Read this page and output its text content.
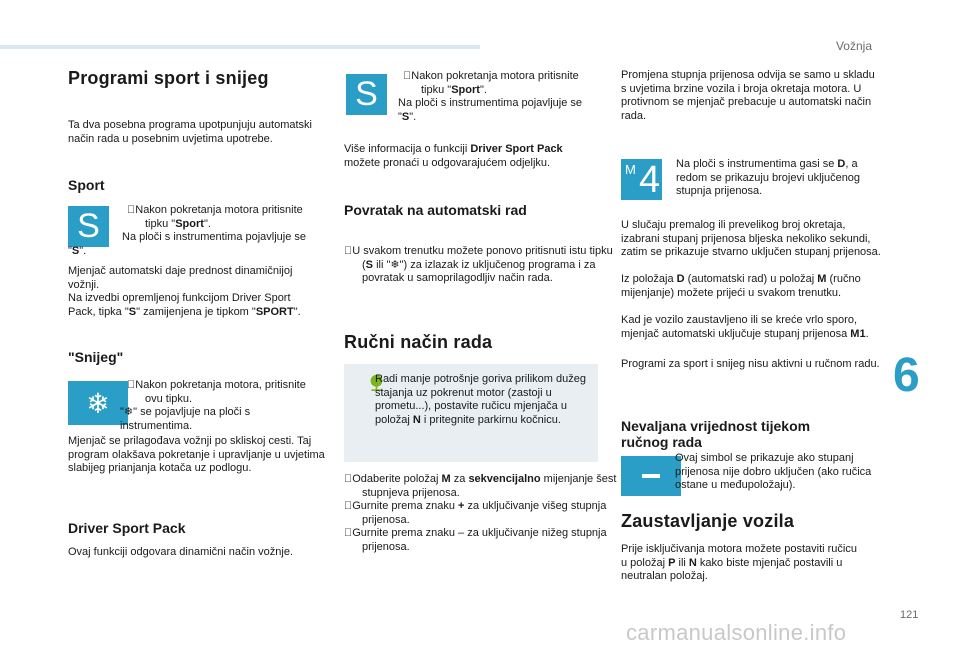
Vožnja
6
121
carmanualsonline.info
Programi sport i snijeg
Ta dva posebna programa upotpunjuju automatski način rada u posebnim uvjetima upotrebe.
Sport
S	Nakon pokretanja motora pritisnite tipku "Sport".
Na ploči s instrumentima pojavljuje se "S".
Mjenjač automatski daje prednost dinamičnijoj vožnji.
Na izvedbi opremljenoj funkcijom Driver Sport Pack, tipka "S" zamijenjena je tipkom "SPORT".
"Snijeg"
❄
Nakon pokretanja motora, pritisnite ovu tipku.
"❄" se pojavljuje na ploči s instrumentima.
Mjenjač se prilagođava vožnji po skliskoj cesti. Taj program olakšava pokretanje i upravljanje u uvjetima slabijeg prianjanja kotača uz podlogu.
Driver Sport Pack
Ovaj funkciji odgovara dinamični način vožnje.
S	Nakon pokretanja motora pritisnite tipku "Sport".
Na ploči s instrumentima pojavljuje se "S".
Više informacija o funkciji Driver Sport Pack možete pronaći u odgovarajućem odjeljku.
Povratak na automatski rad
U svakom trenutku možete ponovo pritisnuti istu tipku (S ili "❄") za izlazak iz uključenog programa i za povratak u samoprilagodljiv način rada.
Ručni način rada
Radi manje potrošnje goriva prilikom dužeg stajanja uz pokrenut motor (zastoji u prometu...), postavite ručicu mjenjača u položaj N i pritegnite parkirnu kočnicu.
Odaberite položaj M za sekvencijalno mijenjanje šest stupnjeva prijenosa.
Gurnite prema znaku + za uključivanje višeg stupnja prijenosa.
Gurnite prema znaku – za uključivanje nižeg stupnja prijenosa.
Promjena stupnja prijenosa odvija se samo u skladu s uvjetima brzine vozila i broja okretaja motora. U protivnom se mjenjač prebacuje u automatski način rada.
M 4 Na ploči s instrumentima gasi se D, a redom se prikazuju brojevi uključenog stupnja prijenosa.
U slučaju premalog ili prevelikog broj okretaja, izabrani stupanj prijenosa bljeska nekoliko sekundi, zatim se prikazuje stvarno uključen stupanj prijenosa.
Iz položaja D (automatski rad) u položaj M (ručno mijenjanje) možete prijeći u svakom trenutku.
Kad je vozilo zaustavljeno ili se kreće vrlo sporo, mjenjač automatski uključuje stupanj prijenosa M1.
Programi za sport i snijeg nisu aktivni u ručnom radu.
Nevaljana vrijednost tijekom ručnog rada
Ovaj simbol se prikazuje ako stupanj prijenosa nije dobro uključen (ako ručica ostane u međupoložaju).
Zaustavljanje vozila
Prije isključivanja motora možete postaviti ručicu u položaj P ili N kako biste mjenjač postavili u neutralan položaj.
